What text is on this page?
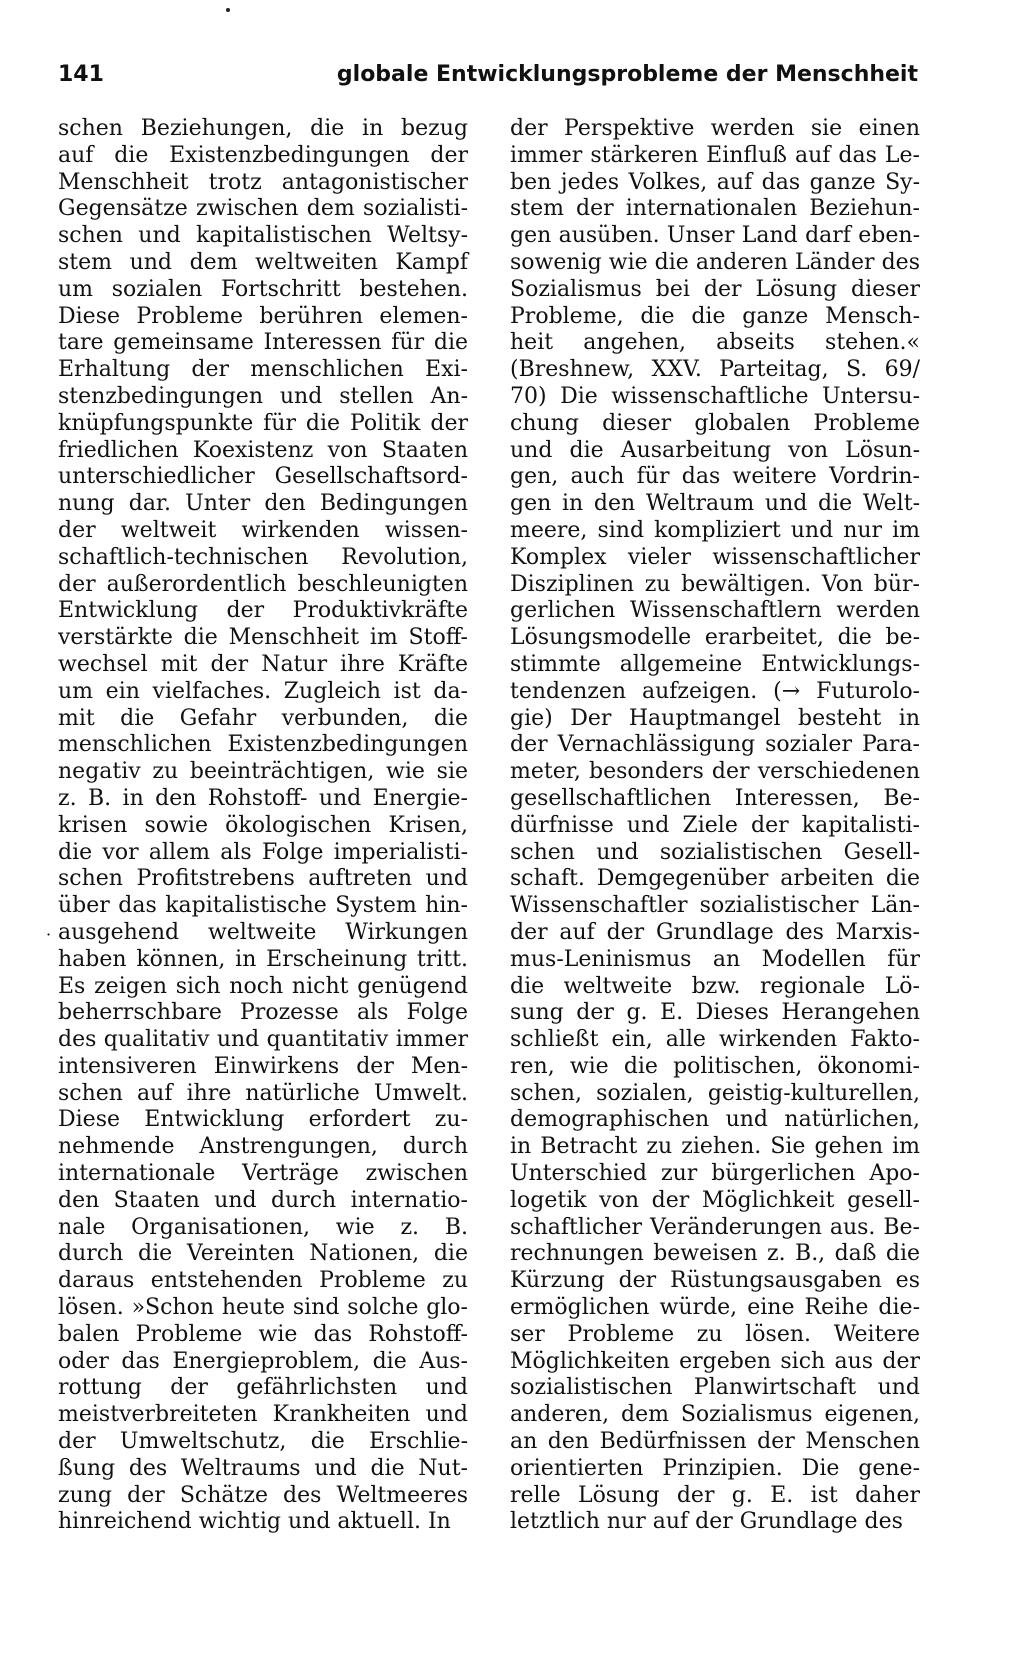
141	globale Entwicklungsprobleme der Menschheit
·
schen Beziehungen, die in bezug
auf die Existenzbedingungen der
Menschheit trotz antagonistischer
Gegensätze zwischen dem sozialisti-
schen und kapitalistischen Weltsy-
stem und dem weltweiten Kampf
um sozialen Fortschritt bestehen.
Diese Probleme berühren elemen-
tare gemeinsame Interessen für die
Erhaltung der menschlichen Exi-
stenzbedingungen und stellen An-
knüpfungspunkte für die Politik der
friedlichen Koexistenz von Staaten
unterschiedlicher Gesellschaftsord-
nung dar. Unter den Bedingungen
der weltweit wirkenden wissen-
schaftlich-technischen Revolution,
der außerordentlich beschleunigten
Entwicklung der Produktivkräfte
verstärkte die Menschheit im Stoff-
wechsel mit der Natur ihre Kräfte
um ein vielfaches. Zugleich ist da-
mit die Gefahr verbunden, die
menschlichen Existenzbedingungen
negativ zu beeinträchtigen, wie sie
z. B. in den Rohstoff- und Energie-
krisen sowie ökologischen Krisen,
die vor allem als Folge imperialisti-
schen Profitstrebens auftreten und
über das kapitalistische System hin-
ausgehend weltweite Wirkungen
haben können, in Erscheinung tritt.
Es zeigen sich noch nicht genügend
beherrschbare Prozesse als Folge
des qualitativ und quantitativ immer
intensiveren Einwirkens der Men-
schen auf ihre natürliche Umwelt.
Diese Entwicklung erfordert zu-
nehmende Anstrengungen, durch
internationale Verträge zwischen
den Staaten und durch internatio-
nale Organisationen, wie z. B.
durch die Vereinten Nationen, die
daraus entstehenden Probleme zu
lösen. »Schon heute sind solche glo-
balen Probleme wie das Rohstoff-
oder das Energieproblem, die Aus-
rottung der gefährlichsten und
meistverbreiteten Krankheiten und
der Umweltschutz, die Erschlie-
ßung des Weltraums und die Nut-
zung der Schätze des Weltmeeres
hinreichend wichtig und aktuell. In
der Perspektive werden sie einen
immer stärkeren Einfluß auf das Le-
ben jedes Volkes, auf das ganze Sy-
stem der internationalen Beziehun-
gen ausüben. Unser Land darf eben-
sowenig wie die anderen Länder des
Sozialismus bei der Lösung dieser
Probleme, die die ganze Mensch-
heit angehen, abseits stehen.«
(Breshnew, XXV. Parteitag, S. 69/
70) Die wissenschaftliche Untersu-
chung dieser globalen Probleme
und die Ausarbeitung von Lösun-
gen, auch für das weitere Vordrin-
gen in den Weltraum und die Welt-
meere, sind kompliziert und nur im
Komplex vieler wissenschaftlicher
Disziplinen zu bewältigen. Von bür-
gerlichen Wissenschaftlern werden
Lösungsmodelle erarbeitet, die be-
stimmte allgemeine Entwicklungs-
tendenzen aufzeigen. (→ Futurolo-
gie) Der Hauptmangel besteht in
der Vernachlässigung sozialer Para-
meter, besonders der verschiedenen
gesellschaftlichen Interessen, Be-
dürfnisse und Ziele der kapitalisti-
schen und sozialistischen Gesell-
schaft. Demgegenüber arbeiten die
Wissenschaftler sozialistischer Län-
der auf der Grundlage des Marxis-
mus-Leninismus an Modellen für
die weltweite bzw. regionale Lö-
sung der g. E. Dieses Herangehen
schließt ein, alle wirkenden Fakto-
ren, wie die politischen, ökonomi-
schen, sozialen, geistig-kulturellen,
demographischen und natürlichen,
in Betracht zu ziehen. Sie gehen im
Unterschied zur bürgerlichen Apo-
logetik von der Möglichkeit gesell-
schaftlicher Veränderungen aus. Be-
rechnungen beweisen z. B., daß die
Kürzung der Rüstungsausgaben es
ermöglichen würde, eine Reihe die-
ser Probleme zu lösen. Weitere
Möglichkeiten ergeben sich aus der
sozialistischen Planwirtschaft und
anderen, dem Sozialismus eigenen,
an den Bedürfnissen der Menschen
orientierten Prinzipien. Die gene-
relle Lösung der g. E. ist daher
letztlich nur auf der Grundlage des
